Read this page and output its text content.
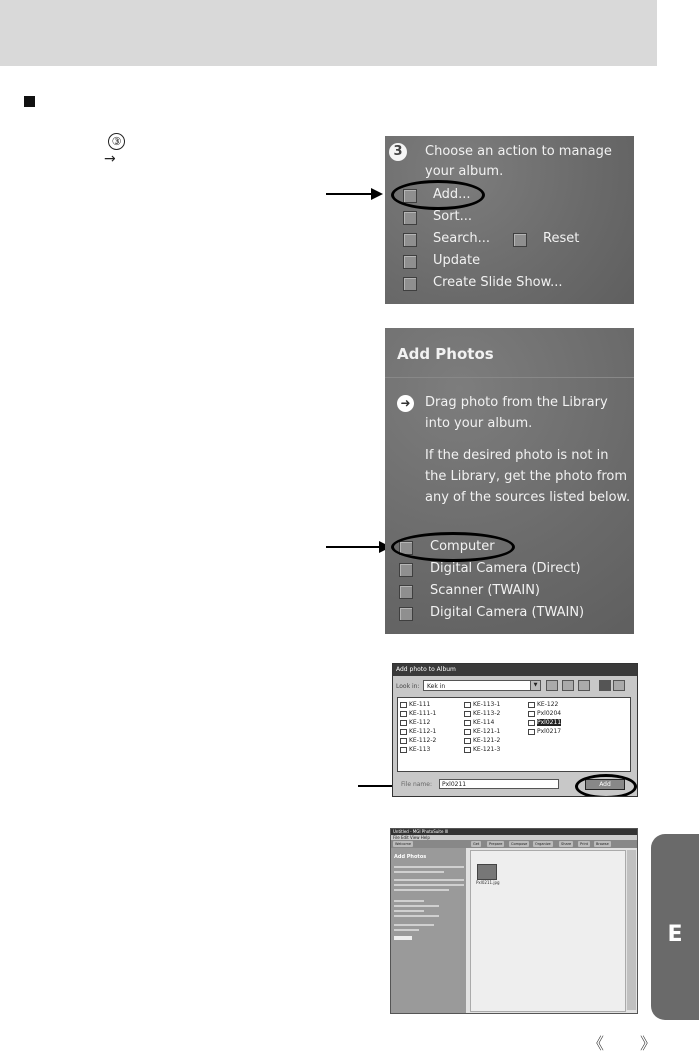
③
→	3	Choose an action to manage
your album.
Add...
Sort...
Search...	Reset
Update
Create Slide Show...
Add Photos
➜ Drag photo from the Library into your album.
If the desired photo is not in the Library, get the photo from any of the sources listed below.
Computer
Digital Camera (Direct)
Scanner (TWAIN)
Digital Camera (TWAIN)
Add photo to Album
Look in:	Kek in	▼
KE-111
KE-111-1
KE-112
KE-112-1
KE-112-2
KE-113
KE-113-1
KE-113-2
KE-114
KE-121-1
KE-121-2
KE-121-3
KE-122
Pxl0204
Pxl0211
Pxl0217
File name:	Pxl0211	Add
Untitled - MGI PhotoSuite III
File Edit View Help
Welcome	Get	Prepare	Compose	Organize	Share	Print	Browse
Add Photos
Pxl0211.jpg
E
《》
